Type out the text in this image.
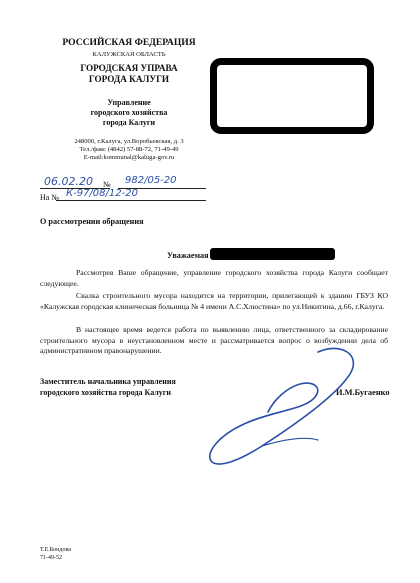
РОССИЙСКАЯ ФЕДЕРАЦИЯ
КАЛУЖСКАЯ ОБЛАСТЬ
ГОРОДСКАЯ УПРАВА
ГОРОДА КАЛУГИ
Управление
городского хозяйства
города Калуги
248000, г.Калуга, ул.Воробьевская, д. 3
Тел./факс (4842) 57-88-72, 71-49-49
E-mail:kommunal@kaluga-gov.ru
06.02.20 № 982/05-20
На № К-97/08/12-20
О рассмотрении обращения
Уважаемая
Рассмотрев Ваше обращение, управление городского хозяйства города Калуги сообщает следующее.
Свалка строительного мусора находится на территории, прилегающей к зданию ГБУЗ КО «Калужская городская клиническая больница № 4 имени А.С.Хлюстина» по ул.Никитина, д.66, г.Калуга.
В настоящее время ведется работа по выявлению лица, ответственного за складирование строительного мусора в неустановленном месте и рассматривается вопрос о возбуждении дела об административном правонарушении.
Заместитель начальника управления
городского хозяйства города Калуги	И.М.Бугаенко
Т.Е.Бондова
71-49-52
